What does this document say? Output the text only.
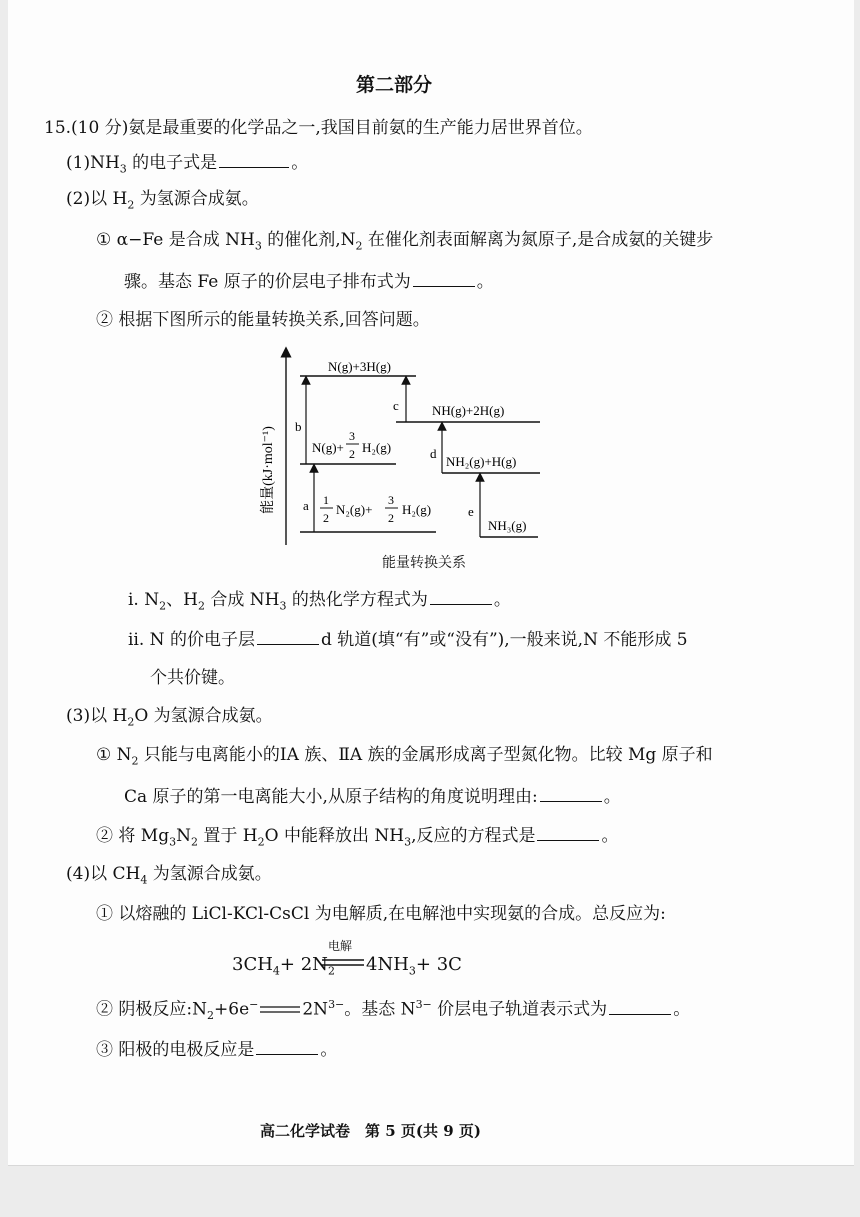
第二部分
15.(10 分)氨是最重要的化学品之一,我国目前氨的生产能力居世界首位。
$(1)NH_3$ 的电子式是	。
(2)以 $H_2$ 为氢源合成氨。
① α−Fe 是合成 $NH_3$ 的催化剂$,N_2$ 在催化剂表面解离为氮原子,是合成氨的关键步
骤。基态 Fe 原子的价层电子排布式为	。
② 根据下图所示的能量转换关系,回答问题。
能量(kJ·mol⁻¹)
N(g)+3H(g)
NH(g)+2H(g)
N(g)+
3
2 H₂(g)
NH₂(g)+H(g)
1
2
N₂(g)+
3
2
H₂(g)
NH₃(g)
a
b
c
d
e
能量转换关系
ⅰ. $N_2$、$H_2$ 合成 $NH_3$ 的热化学方程式为	。
ⅱ. N 的价电子层	d 轨道(填“有”或“没有”),一般来说,N 不能形成 5
个共价键。
(3)以 $H_2O$ 为氢源合成氨。
① $N_2$ 只能与电离能小的ⅠA 族、ⅡA 族的金属形成离子型氮化物。比较 Mg 原子和
Ca 原子的第一电离能大小,从原子结构的角度说明理由:	。
② 将 $Mg_3N_2$ 置于 $H_2O$ 中能释放出 $NH_3$,反应的方程式是	。
(4)以 $CH_4$ 为氢源合成氨。
① 以熔融的 LiCl-KCl-CsCl 为电解质,在电解池中实现氨的合成。总反应为:
$3CH_4+ 2N_2$
电解
$4NH_3+ 3C$
② 阴极反应$:N_2+6e^-$	$2N^{3-}$。基态 $N^{3-}$ 价层电子轨道表示式为	。
③ 阳极的电极反应是	。
高二化学试卷　第 5 页(共 9 页)
